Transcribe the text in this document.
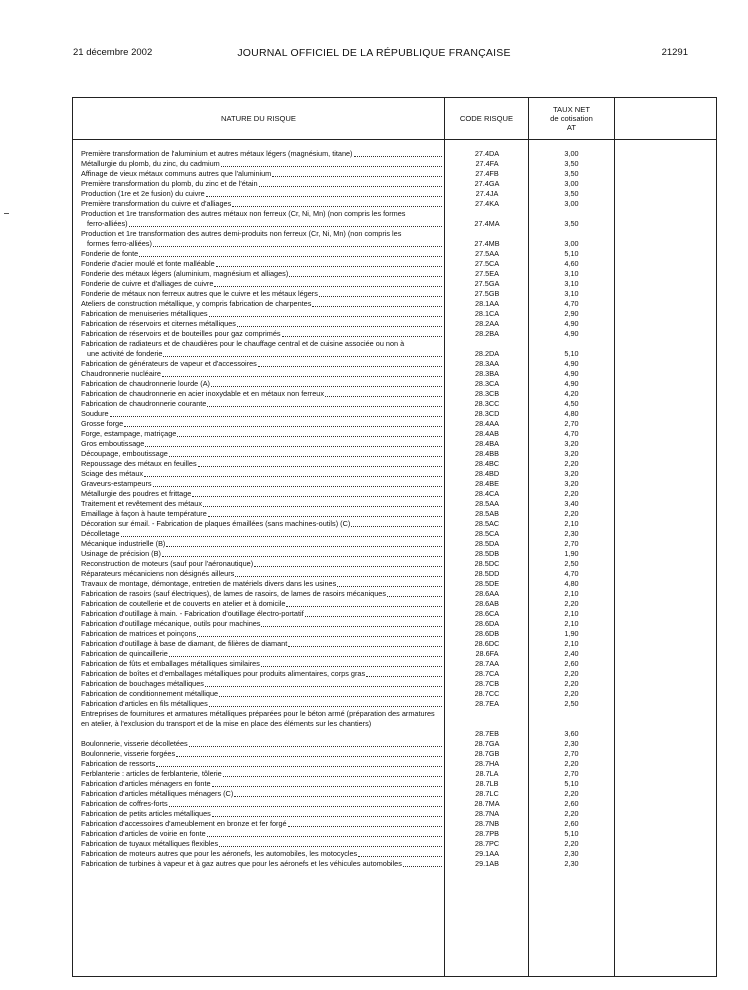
21 décembre 2002	JOURNAL OFFICIEL DE LA RÉPUBLIQUE FRANÇAISE	21291
NATURE DU RISQUE	CODE RISQUE
TAUX NET
de cotisation
AT
Première transformation de l'aluminium et autres métaux légers (magnésium, titane)	27.4DA	3,00
Métallurgie du plomb, du zinc, du cadmium	27.4FA	3,50
Affinage de vieux métaux communs autres que l'aluminium	27.4FB	3,50
Première transformation du plomb, du zinc et de l'étain	27.4GA	3,00
Production (1re et 2e fusion) du cuivre	27.4JA	3,50
Première transformation du cuivre et d'alliages	27.4KA	3,00
Production et 1re transformation des autres métaux non ferreux (Cr, Ni, Mn) (non compris les formes
ferro-alliées)	27.4MA	3,50
Production et 1re transformation des autres demi-produits non ferreux (Cr, Ni, Mn) (non compris les
formes ferro-alliées)	27.4MB	3,00
Fonderie de fonte	27.5AA	5,10
Fonderie d'acier moulé et fonte malléable	27.5CA	4,60
Fonderie des métaux légers (aluminium, magnésium et alliages)	27.5EA	3,10
Fonderie de cuivre et d'alliages de cuivre	27.5GA	3,10
Fonderie de métaux non ferreux autres que le cuivre et les métaux légers	27.5GB	3,10
Ateliers de construction métallique, y compris fabrication de charpentes	28.1AA	4,70
Fabrication de menuiseries métalliques	28.1CA	2,90
Fabrication de réservoirs et citernes métalliques	28.2AA	4,90
Fabrication de réservoirs et de bouteilles pour gaz comprimés	28.2BA	4,90
Fabrication de radiateurs et de chaudières pour le chauffage central et de cuisine associée ou non à
une activité de fonderie	28.2DA	5,10
Fabrication de générateurs de vapeur et d'accessoires	28.3AA	4,90
Chaudronnerie nucléaire	28.3BA	4,90
Fabrication de chaudronnerie lourde (A)	28.3CA	4,90
Fabrication de chaudronnerie en acier inoxydable et en métaux non ferreux	28.3CB	4,20
Fabrication de chaudronnerie courante	28.3CC	4,50
Soudure	28.3CD	4,80
Grosse forge	28.4AA	2,70
Forge, estampage, matriçage	28.4AB	4,70
Gros emboutissage	28.4BA	3,20
Découpage, emboutissage	28.4BB	3,20
Repoussage des métaux en feuilles	28.4BC	2,20
Sciage des métaux	28.4BD	3,20
Graveurs-estampeurs	28.4BE	3,20
Métallurgie des poudres et frittage	28.4CA	2,20
Traitement et revêtement des métaux	28.5AA	3,40
Emaillage à façon à haute température	28.5AB	2,20
Décoration sur émail. - Fabrication de plaques émaillées (sans machines-outils) (C)	28.5AC	2,10
Décolletage	28.5CA	2,30
Mécanique industrielle (B)	28.5DA	2,70
Usinage de précision (B)	28.5DB	1,90
Reconstruction de moteurs (sauf pour l'aéronautique)	28.5DC	2,50
Réparateurs mécaniciens non désignés ailleurs	28.5DD	4,70
Travaux de montage, démontage, entretien de matériels divers dans les usines	28.5DE	4,80
Fabrication de rasoirs (sauf électriques), de lames de rasoirs, de lames de rasoirs mécaniques	28.6AA	2,10
Fabrication de coutellerie et de couverts en atelier et à domicile	28.6AB	2,20
Fabrication d'outillage à main. - Fabrication d'outillage électro-portatif	28.6CA	2,10
Fabrication d'outillage mécanique, outils pour machines	28.6DA	2,10
Fabrication de matrices et poinçons	28.6DB	1,90
Fabrication d'outillage à base de diamant, de filières de diamant	28.6DC	2,10
Fabrication de quincaillerie	28.6FA	2,40
Fabrication de fûts et emballages métalliques similaires	28.7AA	2,60
Fabrication de boîtes et d'emballages métalliques pour produits alimentaires, corps gras	28.7CA	2,20
Fabrication de bouchages métalliques	28.7CB	2,20
Fabrication de conditionnement métallique	28.7CC	2,20
Fabrication d'articles en fils métalliques	28.7EA	2,50
Entreprises de fournitures et armatures métalliques préparées pour le béton armé (préparation des armatures en atelier, à l'exclusion du transport et de la mise en place des éléments sur les chantiers)
28.7EB	3,60
Boulonnerie, visserie décolletées	28.7GA	2,30
Boulonnerie, visserie forgées	28.7GB	2,70
Fabrication de ressorts	28.7HA	2,20
Ferblanterie : articles de ferblanterie, tôlerie	28.7LA	2,70
Fabrication d'articles ménagers en fonte	28.7LB	5,10
Fabrication d'articles métalliques ménagers (C)	28.7LC	2,20
Fabrication de coffres-forts	28.7MA	2,60
Fabrication de petits articles métalliques	28.7NA	2,20
Fabrication d'accessoires d'ameublement en bronze et fer forgé	28.7NB	2,60
Fabrication d'articles de voirie en fonte	28.7PB	5,10
Fabrication de tuyaux métalliques flexibles	28.7PC	2,20
Fabrication de moteurs autres que pour les aéronefs, les automobiles, les motocycles	29.1AA	2,30
Fabrication de turbines à vapeur et à gaz autres que pour les aéronefs et les véhicules automobiles	29.1AB	2,30
